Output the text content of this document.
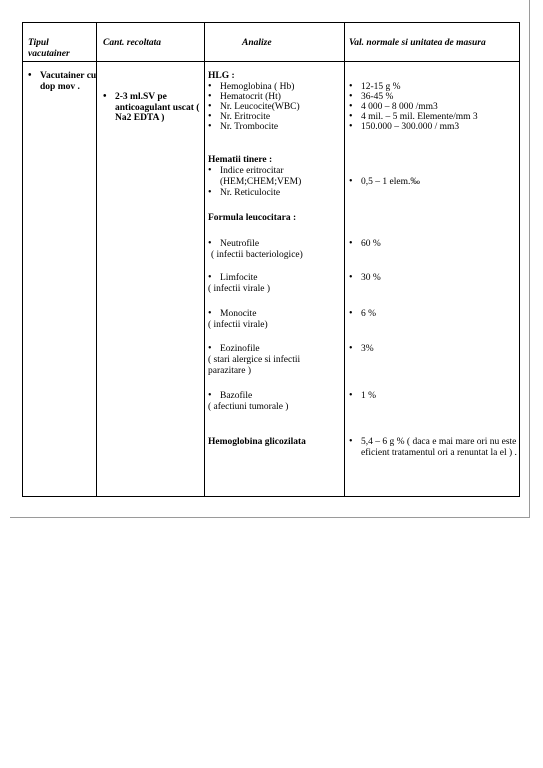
Tipul vacutainer
Cant. recoltata	Analize	Val. normale si unitatea de masura
• Vacutainer cu dop mov .
• 2-3 ml.SV pe anticoagulant uscat ( Na2 EDTA )
HLG :
• Hemoglobina ( Hb)
• Hematocrit (Ht)
• Nr. Leucocite(WBC)
• Nr. Eritrocite
• Nr. Trombocite
Hematii tinere :
• Indice eritrocitar (HEM;CHEM;VEM)
• Nr. Reticulocite
Formula leucocitara :
• Neutrofile
( infectii bacteriologice)
• Limfocite
( infectii virale )
• Monocite
( infectii virale)
• Eozinofile
( stari alergice si infectii parazitare )
• Bazofile
( afectiuni tumorale )
Hemoglobina glicozilata
• 12-15 g %
• 36-45 %
• 4 000 – 8 000 /mm3
• 4 mil. – 5 mil. Elemente/mm 3
• 150.000 – 300.000 / mm3
• 0,5 – 1 elem.‰
• 60 %
• 30 %
• 6 %
• 3%
• 1 %
• 5,4 – 6 g % ( daca e mai mare ori nu este eficient tratamentul ori a renuntat la el ) .
